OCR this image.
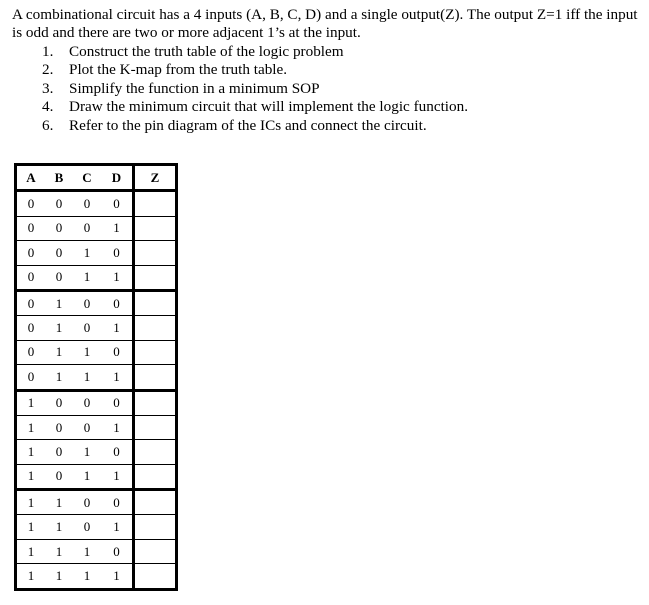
A combinational circuit has a 4 inputs (A, B, C, D) and a single output(Z). The output Z=1 iff the input is odd and there are two or more adjacent 1’s at the input.

1.	Construct the truth table of the logic problem
2.	Plot the K-map from the truth table.
3.	Simplify the function in a minimum SOP
4.	Draw the minimum circuit that will implement the logic function.
6.	Refer to the pin diagram of the ICs and connect the circuit.
A	B	C	D	Z
0	0	0	0	
0	0	0	1	
0	0	1	0	
0	0	1	1	
0	1	0	0	
0	1	0	1	
0	1	1	0	
0	1	1	1	
1	0	0	0	
1	0	0	1	
1	0	1	0	
1	0	1	1	
1	1	0	0	
1	1	0	1	
1	1	1	0	
1	1	1	1	
